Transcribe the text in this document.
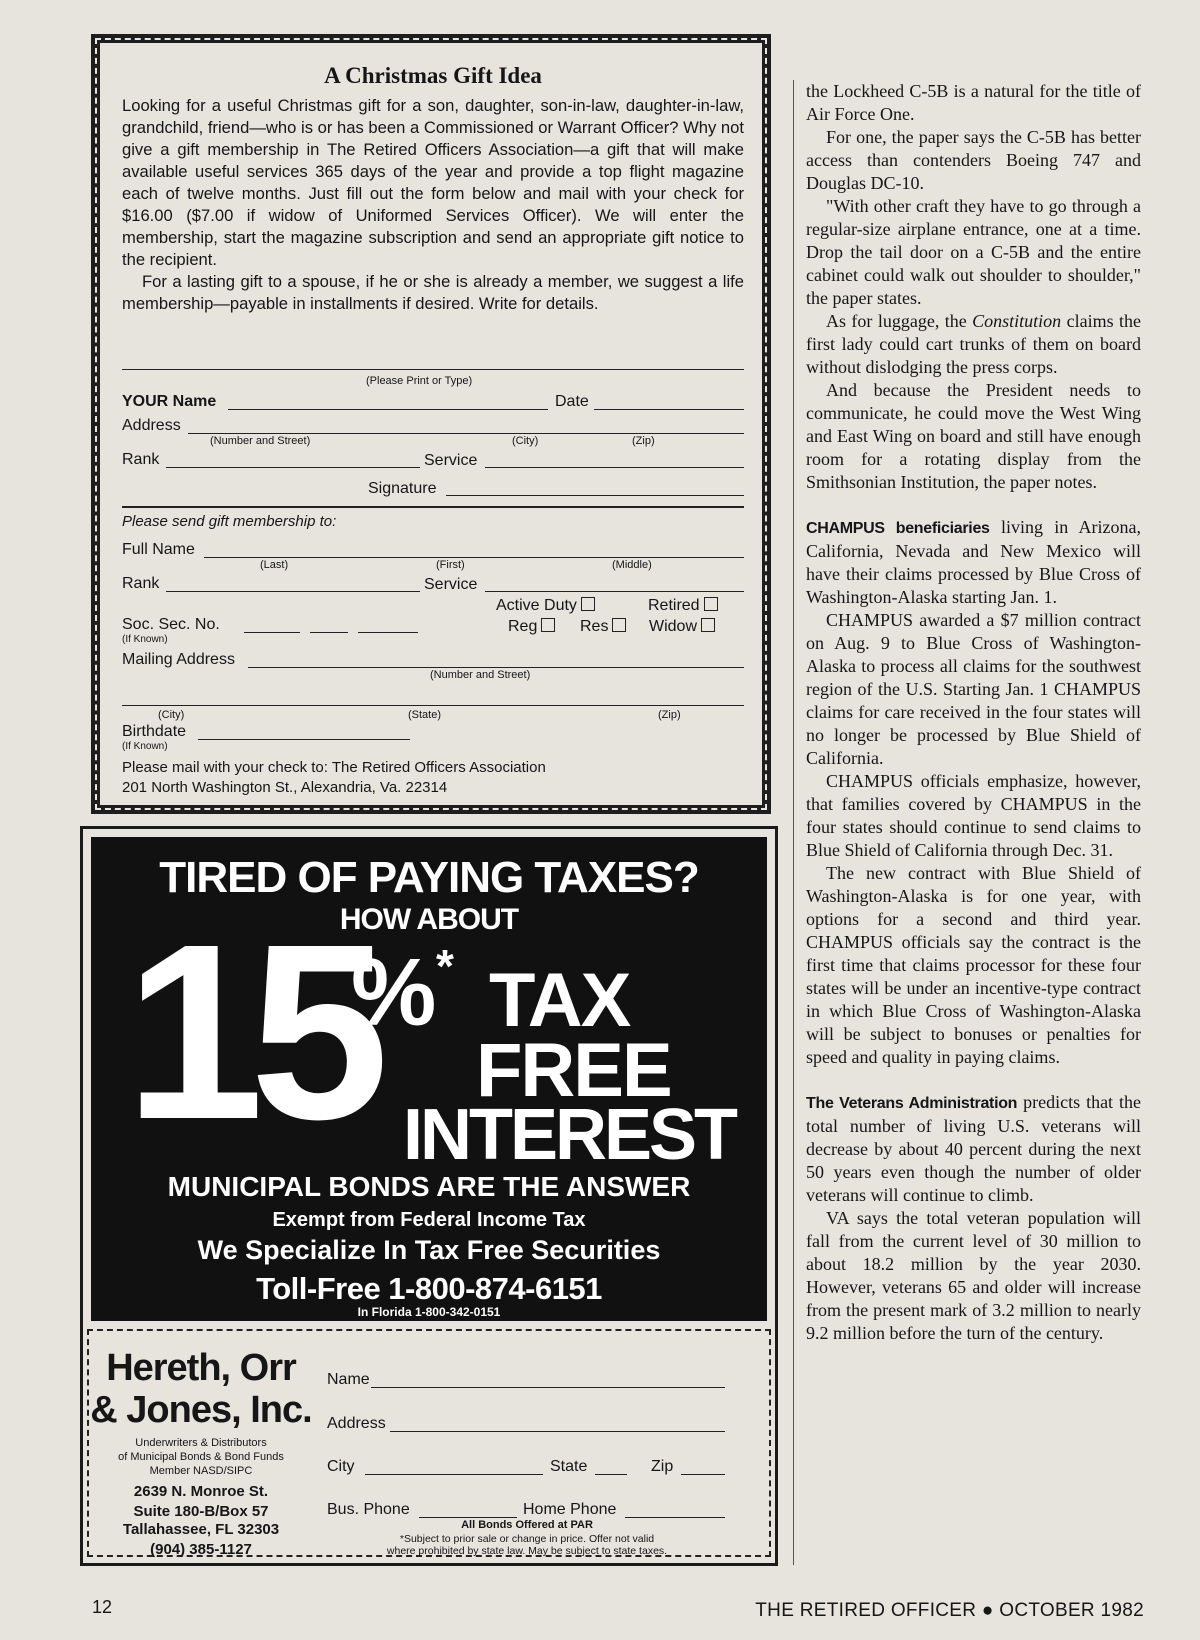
A Christmas Gift Idea

Looking for a useful Christmas gift for a son, daughter, son-in-law, daughter-in-law, grandchild, friend—who is or has been a Commissioned or Warrant Officer? Why not give a gift membership in The Retired Officers Association—a gift that will make available useful services 365 days of the year and provide a top flight magazine each of twelve months. Just fill out the form below and mail with your check for $16.00 ($7.00 if widow of Uniformed Services Officer). We will enter the membership, start the magazine subscription and send an appropriate gift notice to the recipient.

For a lasting gift to a spouse, if he or she is already a member, we suggest a life membership—payable in installments if desired. Write for details.

(Please Print or Type)
YOUR Name	Date
Address
(Number and Street)	(City)	(Zip)
Rank	Service
Signature
Please send gift membership to:
Full Name
(Last)	(First)	(Middle)
Rank	Service
Active Duty	Retired
Reg	Res	Widow
Soc. Sec. No.
(If Known)
Mailing Address
(Number and Street)
(City)	(State)	(Zip)
Birthdate
(If Known)
Please mail with your check to: The Retired Officers Association
201 North Washington St., Alexandria, Va. 22314
TIRED OF PAYING TAXES?
HOW ABOUT
15
% * TAX
FREE
INTEREST
MUNICIPAL BONDS ARE THE ANSWER
Exempt from Federal Income Tax
We Specialize In Tax Free Securities
Toll-Free 1-800-874-6151
In Florida 1-800-342-0151
Hereth, Orr
& Jones, Inc.
Underwriters & Distributors
of Municipal Bonds & Bond Funds
Member NASD/SIPC
2639 N. Monroe St.
Suite 180-B/Box 57
Tallahassee, FL 32303
(904) 385-1127
Name
Address
City	State	Zip
Bus. Phone	Home Phone
All Bonds Offered at PAR
*Subject to prior sale or change in price. Offer not valid
where prohibited by state law. May be subject to state taxes.

the Lockheed C-5B is a natural for the title of Air Force One.

For one, the paper says the C-5B has better access than contenders Boeing 747 and Douglas DC-10.

"With other craft they have to go through a regular-size airplane entrance, one at a time. Drop the tail door on a C-5B and the entire cabinet could walk out shoulder to shoulder," the paper states.

As for luggage, the Constitution claims the first lady could cart trunks of them on board without dislodging the press corps.

And because the President needs to communicate, he could move the West Wing and East Wing on board and still have enough room for a rotating display from the Smithsonian Institution, the paper notes.

CHAMPUS beneficiaries living in Arizona, California, Nevada and New Mexico will have their claims processed by Blue Cross of Washington-Alaska starting Jan. 1.

CHAMPUS awarded a $7 million contract on Aug. 9 to Blue Cross of Washington-Alaska to process all claims for the southwest region of the U.S. Starting Jan. 1 CHAMPUS claims for care received in the four states will no longer be processed by Blue Shield of California.

CHAMPUS officials emphasize, however, that families covered by CHAMPUS in the four states should continue to send claims to Blue Shield of California through Dec. 31.

The new contract with Blue Shield of Washington-Alaska is for one year, with options for a second and third year. CHAMPUS officials say the contract is the first time that claims processor for these four states will be under an incentive-type contract in which Blue Cross of Washington-Alaska will be subject to bonuses or penalties for speed and quality in paying claims.

The Veterans Administration predicts that the total number of living U.S. veterans will decrease by about 40 percent during the next 50 years even though the number of older veterans will continue to climb.

VA says the total veteran population will fall from the current level of 30 million to about 18.2 million by the year 2030. However, veterans 65 and older will increase from the present mark of 3.2 million to nearly 9.2 million before the turn of the century.

12	THE RETIRED OFFICER ● OCTOBER 1982
